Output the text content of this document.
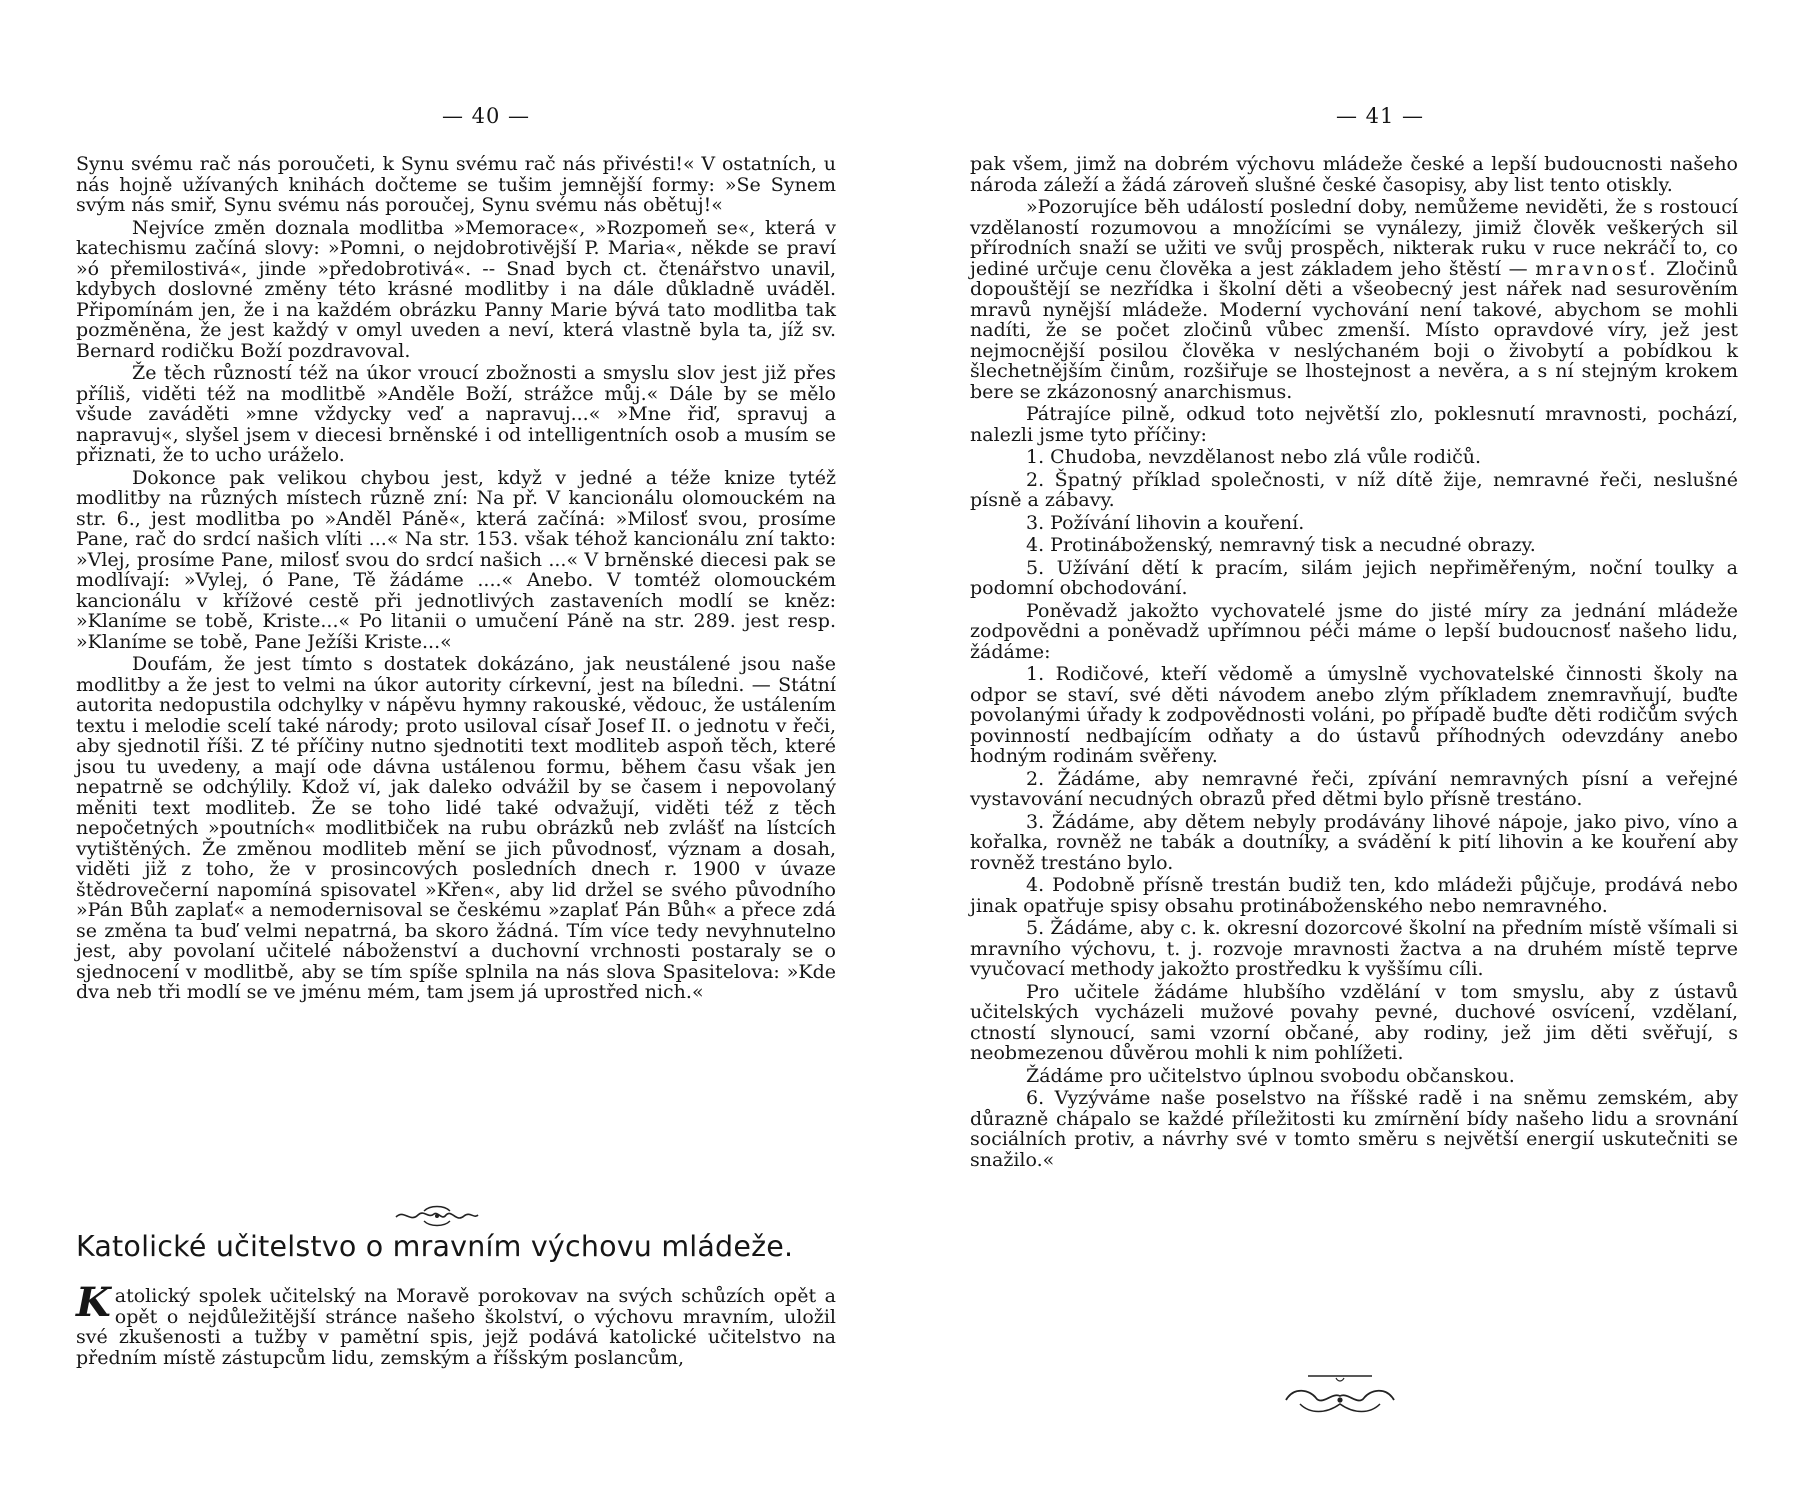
— 40 —

Synu svému rač nás poroučeti, k Synu svému rač nás přivésti!« V ostatních, u nás hojně užívaných knihách dočteme se tušim jemnější formy: »Se Synem svým nás smiř, Synu svému nás poroučej, Synu svému nás obětuj!«

Nejvíce změn doznala modlitba »Memorace«, »Rozpomeň se«, která v katechismu začíná slovy: »Pomni, o nejdobrotivější P. Maria«, někde se praví »ó přemilostivá«, jinde »předobrotivá«. -- Snad bych ct. čtenářstvo unavil, kdybych doslovné změny této krásné modlitby i na dále důkladně uváděl. Připomínám jen, že i na každém obrázku Panny Marie bývá tato modlitba tak pozměněna, že jest každý v omyl uveden a neví, která vlastně byla ta, jíž sv. Bernard rodičku Boží pozdravoval.

Že těch růzností též na úkor vroucí zbožnosti a smyslu slov jest již přes příliš, viděti též na modlitbě »Anděle Boží, strážce můj.« Dále by se mělo všude zaváděti »mne vždycky veď a napravuj...« »Mne řiď, spravuj a napravuj«, slyšel jsem v diecesi brněnské i od intelligentních osob a musím se přiznati, že to ucho uráželo.

Dokonce pak velikou chybou jest, když v jedné a téže knize tytéž modlitby na různých místech různě zní: Na př. V kancionálu olomouckém na str. 6., jest modlitba po »Anděl Páně«, která začíná: »Milosť svou, prosíme Pane, rač do srdcí našich vlíti ...« Na str. 153. však téhož kancionálu zní takto: »Vlej, prosíme Pane, milosť svou do srdcí našich ...« V brněnské diecesi pak se modlívají: »Vylej, ó Pane, Tě žádáme ....« Anebo. V tomtéž olomouckém kancionálu v křížové cestě při jednotlivých zastaveních modlí se kněz: »Klaníme se tobě, Kriste...« Po litanii o umučení Páně na str. 289. jest resp. »Klaníme se tobě, Pane Ježíši Kriste...«

Doufám, že jest tímto s dostatek dokázáno, jak neustálené jsou naše modlitby a že jest to velmi na úkor autority církevní, jest na bíledni. — Státní autorita nedopustila odchylky v nápěvu hymny rakouské, vědouc, že ustálením textu i melodie scelí také národy; proto usiloval císař Josef II. o jednotu v řeči, aby sjednotil říši. Z té příčiny nutno sjednotiti text modliteb aspoň těch, které jsou tu uvedeny, a mají ode dávna ustálenou formu, během času však jen nepatrně se odchýlily. Kdož ví, jak daleko odvážil by se časem i nepovolaný měniti text modliteb. Že se toho lidé také odvažují, viděti též z těch nepočetných »poutních« modlitbiček na rubu obrázků neb zvlášť na lístcích vytištěných. Že změnou modliteb mění se jich původnosť, význam a dosah, viděti již z toho, že v prosincových posledních dnech r. 1900 v úvaze štědrovečerní napomíná spisovatel »Křen«, aby lid držel se svého původního »Pán Bůh zaplať« a nemodernisoval se českému »zaplať Pán Bůh« a přece zdá se změna ta buď velmi nepatrná, ba skoro žádná. Tím více tedy nevyhnutelno jest, aby povolaní učitelé náboženství a duchovní vrchnosti postaraly se o sjednocení v modlitbě, aby se tím spíše splnila na nás slova Spasitelova: »Kde dva neb tři modlí se ve jménu mém, tam jsem já uprostřed nich.«

Katolické učitelstvo o mravním výchovu mládeže.

Katolický spolek učitelský na Moravě porokovav na svých schůzích opět a opět o nejdůležitější stránce našeho školství, o výchovu mravním, uložil své zkušenosti a tužby v pamětní spis, jejž podává katolické učitelstvo na předním místě zástupcům lidu, zemským a říšským poslancům,

— 41 —

pak všem, jimž na dobrém výchovu mládeže české a lepší budoucnosti našeho národa záleží a žádá zároveň slušné české časopisy, aby list tento otiskly.

»Pozorujíce běh událostí poslední doby, nemůžeme neviděti, že s rostoucí vzdělaností rozumovou a množícími se vynálezy, jimiž člověk veškerých sil přírodních snaží se užiti ve svůj prospěch, nikterak ruku v ruce nekráčí to, co jediné určuje cenu člověka a jest základem jeho štěstí — mravnosť. Zločinů dopouštějí se nezřídka i školní děti a všeobecný jest nářek nad sesurověním mravů nynější mládeže. Moderní vychování není takové, abychom se mohli nadíti, že se počet zločinů vůbec zmenší. Místo opravdové víry, jež jest nejmocnější posilou člověka v neslýchaném boji o živobytí a pobídkou k šlechetnějším činům, rozšiřuje se lhostejnost a nevěra, a s ní stejným krokem bere se zkázonosný anarchismus.

Pátrajíce pilně, odkud toto největší zlo, poklesnutí mravnosti, pochází, nalezli jsme tyto příčiny:

1. Chudoba, nevzdělanost nebo zlá vůle rodičů.

2. Špatný příklad společnosti, v níž dítě žije, nemravné řeči, neslušné písně a zábavy.

3. Požívání lihovin a kouření.

4. Protináboženský, nemravný tisk a necudné obrazy.

5. Užívání dětí k pracím, silám jejich nepřiměřeným, noční toulky a podomní obchodování.

Poněvadž jakožto vychovatelé jsme do jisté míry za jednání mládeže zodpovědni a poněvadž upřímnou péči máme o lepší budoucnosť našeho lidu, žádáme:

1. Rodičové, kteří vědomě a úmyslně vychovatelské činnosti školy na odpor se staví, své děti návodem anebo zlým příkladem znemravňují, buďte povolanými úřady k zodpovědnosti voláni, po případě buďte děti rodičům svých povinností nedbajícím odňaty a do ústavů příhodných odevzdány anebo hodným rodinám svěřeny.

2. Žádáme, aby nemravné řeči, zpívání nemravných písní a veřejné vystavování necudných obrazů před dětmi bylo přísně trestáno.

3. Žádáme, aby dětem nebyly prodávány lihové nápoje, jako pivo, víno a kořalka, rovněž ne tabák a doutníky, a svádění k pití lihovin a ke kouření aby rovněž trestáno bylo.

4. Podobně přísně trestán budiž ten, kdo mládeži půjčuje, prodává nebo jinak opatřuje spisy obsahu protináboženského nebo nemravného.

5. Žádáme, aby c. k. okresní dozorcové školní na předním místě všímali si mravního výchovu, t. j. rozvoje mravnosti žactva a na druhém místě teprve vyučovací methody jakožto prostředku k vyššímu cíli.

Pro učitele žádáme hlubšího vzdělání v tom smyslu, aby z ústavů učitelských vycházeli mužové povahy pevné, duchové osvícení, vzdělaní, ctností slynoucí, sami vzorní občané, aby rodiny, jež jim děti svěřují, s neobmezenou důvěrou mohli k nim pohlížeti.

Žádáme pro učitelstvo úplnou svobodu občanskou.

6. Vyzýváme naše poselstvo na říšské radě i na sněmu zemském, aby důrazně chápalo se každé příležitosti ku zmírnění bídy našeho lidu a srovnání sociálních protiv, a návrhy své v tomto směru s největší energií uskutečniti se snažilo.«
